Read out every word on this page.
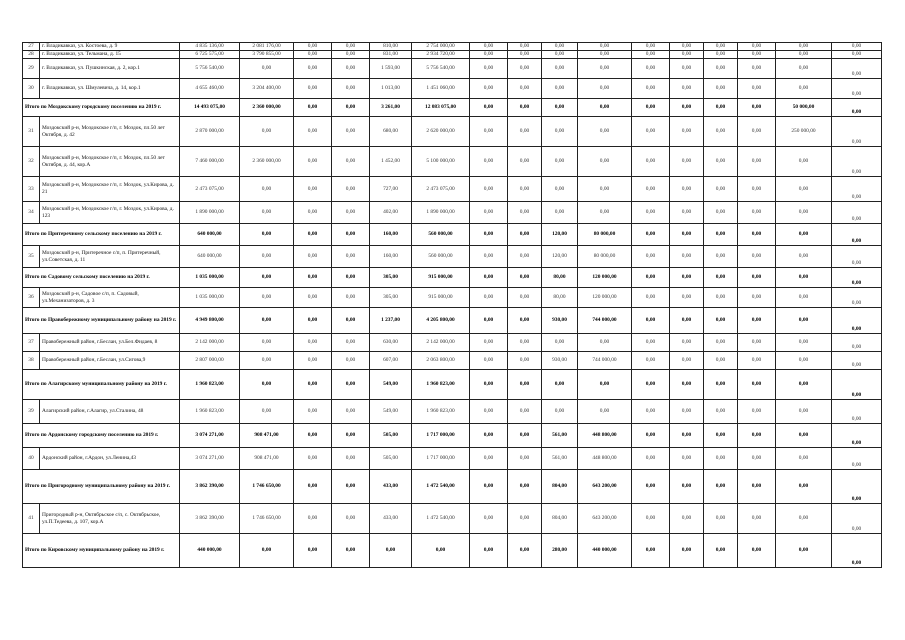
27	г. Владикавказ, ул. Костоева, д. 9	4 835 136,00	2 081 176,00	0,00	0,00	810,00	2 754 000,00	0,00	0,00	0,00	0,00	0,00	0,00	0,00	0,00	0,00	0,00
28	г. Владикавказ, ул. Тельмана, д. 15	6 725 575,00	3 790 855,00	0,00	0,00	831,00	2 934 720,00	0,00	0,00	0,00	0,00	0,00	0,00	0,00	0,00	0,00	0,00
29	г. Владикавказ, ул. Пушкинская, д. 2, кор.1	5 756 540,00	0,00	0,00	0,00	1 593,00	5 756 540,00	0,00	0,00	0,00	0,00	0,00	0,00	0,00	0,00	0,00	0,00
30	г. Владикавказ, ул. Шмулевича, д. 14, кор.1	4 655 460,00	3 204 400,00	0,00	0,00	1 013,00	1 451 060,00	0,00	0,00	0,00	0,00	0,00	0,00	0,00	0,00	0,00	0,00
Итого по Моздокскому городскому поселению на 2019 г.		14 493 075,00	2 360 000,00	0,00	0,00	3 261,00	12 083 075,00	0,00	0,00	0,00	0,00	0,00	0,00	0,00	0,00	50 000,00	0,00
31	Моздокский р-н, Моздокское г/п, г. Моздок, пл.50 лет Октября, д. 42	2 870 000,00	0,00	0,00	0,00	680,00	2 620 000,00	0,00	0,00	0,00	0,00	0,00	0,00	0,00	0,00	250 000,00	0,00
32	Моздокский р-н, Моздокское г/п, г. Моздок, пл.50 лет Октября, д. 44, кор.А	7 460 000,00	2 360 000,00	0,00	0,00	1 452,00	5 100 000,00	0,00	0,00	0,00	0,00	0,00	0,00	0,00	0,00	0,00	0,00
33	Моздокский р-н, Моздокское г/п, г. Моздок, ул.Кирова, д. 21	2 473 075,00	0,00	0,00	0,00	727,00	2 473 075,00	0,00	0,00	0,00	0,00	0,00	0,00	0,00	0,00	0,00	0,00
34	Моздокский р-н, Моздокское г/п, г. Моздок, ул.Кирова, д. 123	1 890 000,00	0,00	0,00	0,00	402,00	1 890 000,00	0,00	0,00	0,00	0,00	0,00	0,00	0,00	0,00	0,00	0,00
Итого по Притеречному сельскому поселению на 2019 г.		640 000,00	0,00	0,00	0,00	160,00	560 000,00	0,00	0,00	120,00	80 000,00	0,00	0,00	0,00	0,00	0,00	0,00
35	Моздокский р-н, Притеречное с/п, п. Притеречный, ул.Советская, д. 11	640 000,00	0,00	0,00	0,00	160,00	560 000,00	0,00	0,00	120,00	80 000,00	0,00	0,00	0,00	0,00	0,00	0,00
Итого по Садовому сельскому поселению на 2019 г.		1 035 000,00	0,00	0,00	0,00	305,00	915 000,00	0,00	0,00	80,00	120 000,00	0,00	0,00	0,00	0,00	0,00	0,00
36	Моздокский р-н, Садовое с/п, п. Садовый, ул.Механизаторов, д. 3	1 035 000,00	0,00	0,00	0,00	305,00	915 000,00	0,00	0,00	80,00	120 000,00	0,00	0,00	0,00	0,00	0,00	0,00
Итого по Правобережному муниципальному району на 2019 г.		4 949 800,00	0,00	0,00	0,00	1 237,00	4 205 800,00	0,00	0,00	930,00	744 000,00	0,00	0,00	0,00	0,00	0,00	0,00
37	Правобережный район, г.Беслан, ул.Бел.Фидаев, 8	2 142 000,00	0,00	0,00	0,00	630,00	2 142 000,00	0,00	0,00	0,00	0,00	0,00	0,00	0,00	0,00	0,00	0,00
38	Правобережный район, г.Беслан, ул.Сигова,9	2 807 000,00	0,00	0,00	0,00	607,00	2 063 800,00	0,00	0,00	930,00	744 000,00	0,00	0,00	0,00	0,00	0,00	0,00
Итого по Алагирскому муниципальному району на 2019 г.		1 960 823,00	0,00	0,00	0,00	549,00	1 960 823,00	0,00	0,00	0,00	0,00	0,00	0,00	0,00	0,00	0,00	0,00
39	Алагирский район, г.Алагир, ул.Сталина, 48	1 960 823,00	0,00	0,00	0,00	549,00	1 960 823,00	0,00	0,00	0,00	0,00	0,00	0,00	0,00	0,00	0,00	0,00
Итого по Ардонскому городскому поселению на 2019 г.		3 074 271,00	908 471,00	0,00	0,00	505,00	1 717 000,00	0,00	0,00	561,00	448 800,00	0,00	0,00	0,00	0,00	0,00	0,00
40	Ардонский район, г.Ардон, ул.Ленина,43	3 074 271,00	908 471,00	0,00	0,00	505,00	1 717 000,00	0,00	0,00	561,00	448 800,00	0,00	0,00	0,00	0,00	0,00	0,00
Итого по Пригородному муниципальному району на 2019 г.		3 862 390,00	1 746 650,00	0,00	0,00	433,00	1 472 540,00	0,00	0,00	804,00	643 200,00	0,00	0,00	0,00	0,00	0,00	0,00
41	Пригородный р-н, Октябрьское с/п, с. Октябрьское, ул.П.Тедеева, д. 107, кор.А	3 862 390,00	1 746 650,00	0,00	0,00	433,00	1 472 540,00	0,00	0,00	804,00	643 200,00	0,00	0,00	0,00	0,00	0,00	0,00
Итого по Кировскому муниципальному району на 2019 г.		440 000,00	0,00	0,00	0,00	0,00	0,00	0,00	0,00	280,00	440 000,00	0,00	0,00	0,00	0,00	0,00	0,00
